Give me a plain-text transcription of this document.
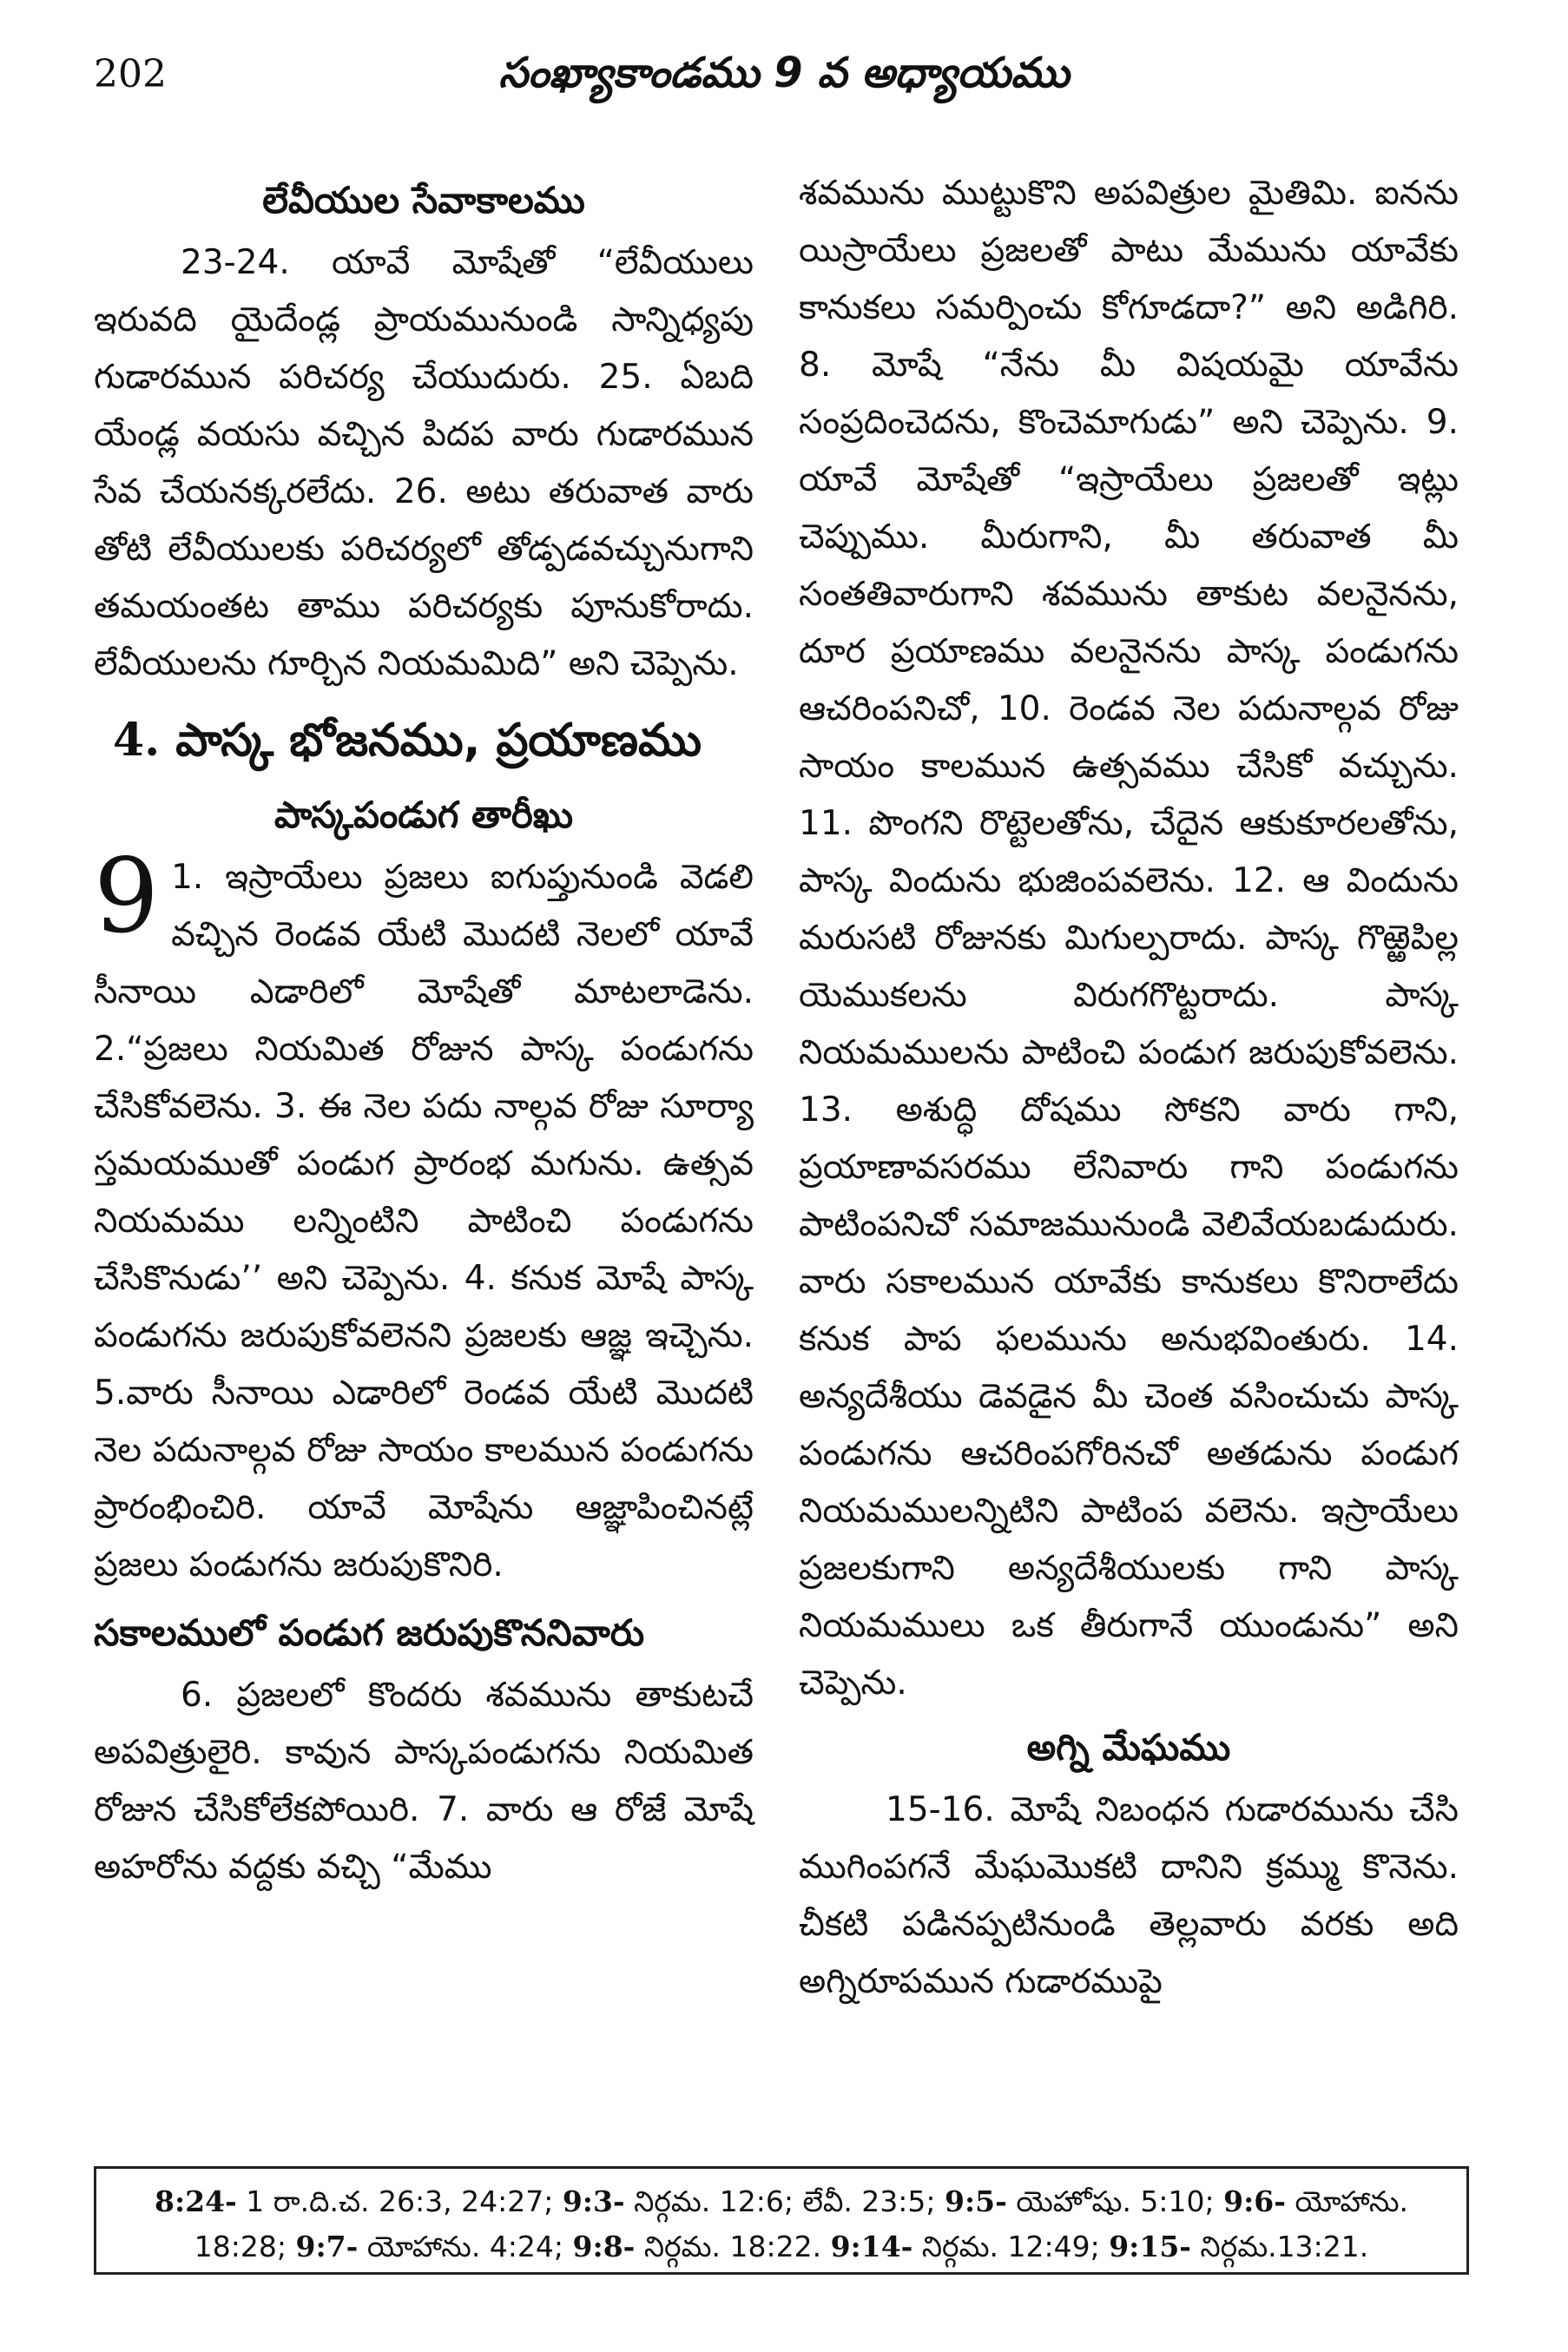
202	సంఖ్యాకాండము 9 వ అధ్యాయము
లేవీయుల సేవాకాలము

23-24. యావే మోషేతో “లేవీయులు ఇరువది యైదేండ్ల ప్రాయమునుండి సాన్నిధ్యపు గుడారమున పరిచర్య చేయుదురు. 25. ఏబది యేండ్ల వయసు వచ్చిన పిదప వారు గుడారమున సేవ చేయనక్కరలేదు. 26. అటు తరువాత వారు తోటి లేవీయులకు పరిచర్యలో తోడ్పడవచ్చునుగాని తమయంతట తాము పరిచర్యకు పూనుకోరాదు. లేవీయులను గూర్చిన నియమమిది” అని చెప్పెను.

4. పాస్క భోజనము, ప్రయాణము
పాస్కపండుగ తారీఖు
9 1. ఇస్రాయేలు ప్రజలు ఐగుప్తునుండి వెడలి వచ్చిన రెండవ యేటి మొదటి నెలలో యావే సీనాయి ఎడారిలో మోషేతో మాటలాడెను. 2.“ప్రజలు నియమిత రోజున పాస్క పండుగను చేసికోవలెను. 3. ఈ నెల పదు నాల్గవ రోజు సూర్యా స్తమయముతో పండుగ ప్రారంభ మగును. ఉత్సవ నియమము లన్నింటిని పాటించి పండుగను చేసికొనుడు’’ అని చెప్పెను. 4. కనుక మోషే పాస్క పండుగను జరుపుకోవలెనని ప్రజలకు ఆజ్ఞ ఇచ్చెను. 5.వారు సీనాయి ఎడారిలో రెండవ యేటి మొదటి నెల పదునాల్గవ రోజు సాయం కాలమున పండుగను ప్రారంభించిరి. యావే మోషేను ఆజ్ఞాపించినట్లే ప్రజలు పండుగను జరుపుకొనిరి.

సకాలములో పండుగ జరుపుకొననివారు

6. ప్రజలలో కొందరు శవమును తాకుటచే అపవిత్రులైరి. కావున పాస్కపండుగను నియమిత రోజున చేసికోలేకపోయిరి. 7. వారు ఆ రోజే మోషే అహరోను వద్దకు వచ్చి “మేము

శవమును ముట్టుకొని అపవిత్రుల మైతిమి. ఐనను యిస్రాయేలు ప్రజలతో పాటు మేమును యావేకు కానుకలు సమర్పించు కోగూడదా?” అని అడిగిరి. 8. మోషే “నేను మీ విషయమై యావేను సంప్రదించెదను, కొంచెమాగుడు” అని చెప్పెను. 9. యావే మోషేతో “ఇస్రాయేలు ప్రజలతో ఇట్లు చెప్పుము. మీరుగాని, మీ తరువాత మీ సంతతివారుగాని శవమును తాకుట వలనైనను, దూర ప్రయాణము వలనైనను పాస్క పండుగను ఆచరింపనిచో, 10. రెండవ నెల పదునాల్గవ రోజు సాయం కాలమున ఉత్సవము చేసికో వచ్చును. 11. పొంగని రొట్టెలతోను, చేదైన ఆకుకూరలతోను, పాస్క విందును భుజింపవలెను. 12. ఆ విందును మరుసటి రోజునకు మిగుల్పరాదు. పాస్క గొఱ్ఱెపిల్ల యెముకలను విరుగగొట్టరాదు. పాస్క నియమములను పాటించి పండుగ జరుపుకోవలెను. 13. అశుద్ధి దోషము సోకని వారు గాని, ప్రయాణావసరము లేనివారు గాని పండుగను పాటింపనిచో సమాజమునుండి వెలివేయబడుదురు. వారు సకాలమున యావేకు కానుకలు కొనిరాలేదు కనుక పాప ఫలమును అనుభవింతురు. 14. అన్యదేశీయు డెవడైన మీ చెంత వసించుచు పాస్క పండుగను ఆచరింపగోరినచో అతడును పండుగ నియమములన్నిటిని పాటింప వలెను. ఇస్రాయేలు ప్రజలకుగాని అన్యదేశీయులకు గాని పాస్క నియమములు ఒక తీరుగానే యుండును” అని చెప్పెను.

అగ్ని మేఘము

15-16. మోషే నిబంధన గుడారమును చేసి ముగింపగనే మేఘమొకటి దానిని క్రమ్ము కొనెను. చీకటి పడినప్పటినుండి తెల్లవారు వరకు అది అగ్నిరూపమున గుడారముపై

8:24- 1 రా.ది.చ. 26:3, 24:27; 9:3- నిర్గమ. 12:6; లేవీ. 23:5; 9:5- యెహోషు. 5:10; 9:6- యోహాను. 18:28; 9:7- యోహాను. 4:24; 9:8- నిర్గమ. 18:22. 9:14- నిర్గమ. 12:49; 9:15- నిర్గమ.13:21.
